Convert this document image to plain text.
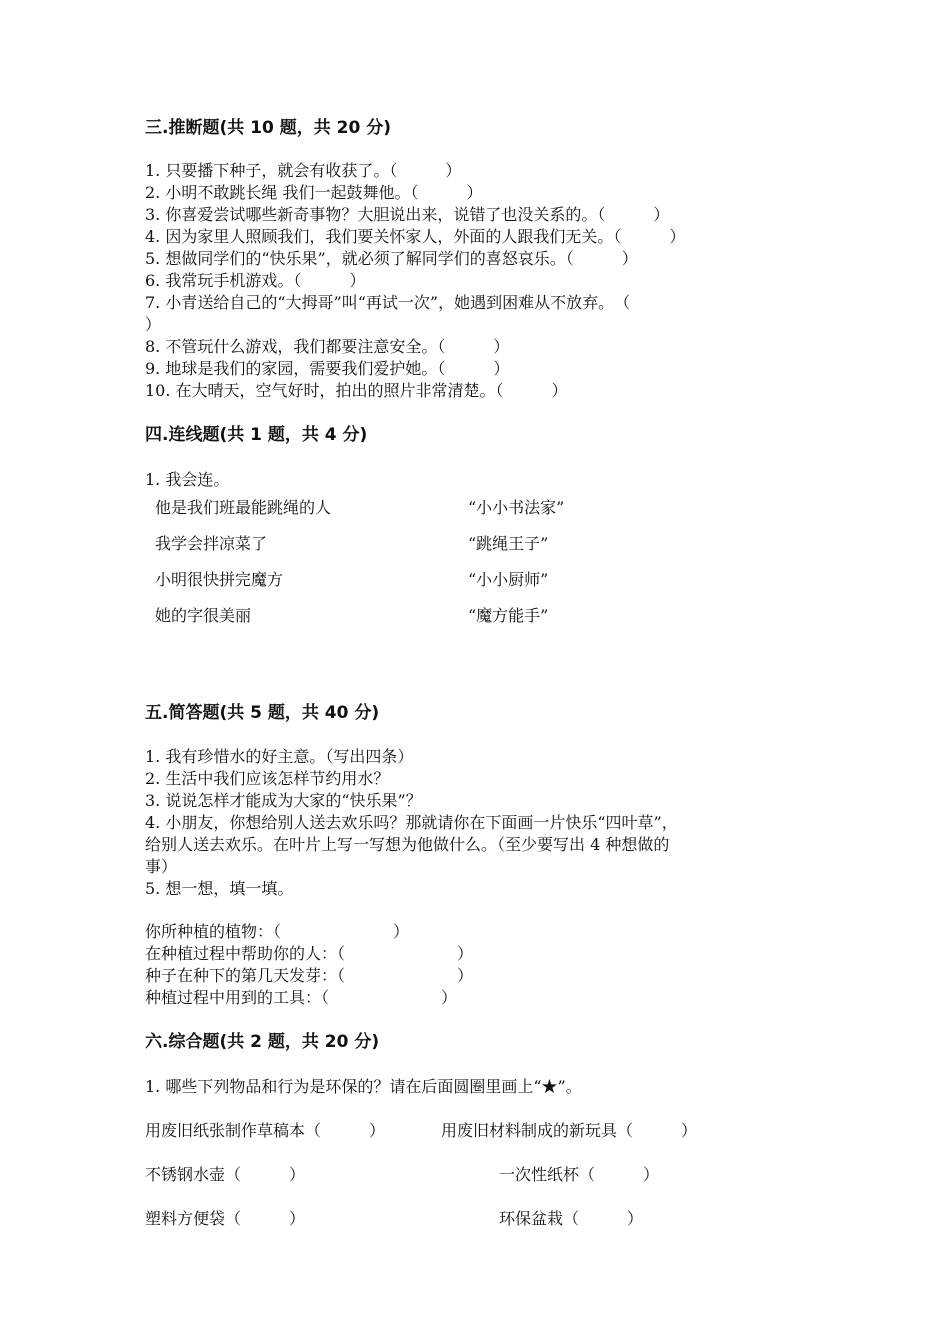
三.推断题(共 10 题，共 20 分)
1. 只要播下种子，就会有收获了。（　　　）
2. 小明不敢跳长绳 我们一起鼓舞他。（　　　）
3. 你喜爱尝试哪些新奇事物？大胆说出来，说错了也没关系的。（　　　）
4. 因为家里人照顾我们，我们要关怀家人，外面的人跟我们无关。（　　　）
5. 想做同学们的“快乐果”，就必须了解同学们的喜怒哀乐。（　　　）
6. 我常玩手机游戏。（　　　）
7. 小青送给自己的“大拇哥”叫“再试一次”，她遇到困难从不放弃。　（
）
8. 不管玩什么游戏，我们都要注意安全。（　　　）
9. 地球是我们的家园，需要我们爱护她。（　　　）
10. 在大晴天，空气好时，拍出的照片非常清楚。（　　　）
四.连线题(共 1 题，共 4 分)
1. 我会连。
他是我们班最能跳绳的人	“小小书法家”
我学会拌凉菜了	“跳绳王子”
小明很快拼完魔方	“小小厨师”
她的字很美丽	“魔方能手”
五.简答题(共 5 题，共 40 分)
1. 我有珍惜水的好主意。（写出四条）
2. 生活中我们应该怎样节约用水？
3. 说说怎样才能成为大家的“快乐果”？
4. 小朋友，你想给别人送去欢乐吗？那就请你在下面画一片快乐“四叶草”，
给别人送去欢乐。在叶片上写一写想为他做什么。（至少要写出 4 种想做的
事）
5. 想一想，填一填。
你所种植的植物：（　　　　　　　）
在种植过程中帮助你的人：（　　　　　　　）
种子在种下的第几天发芽：（　　　　　　　）
种植过程中用到的工具：（　　　　　　　）
六.综合题(共 2 题，共 20 分)
1. 哪些下列物品和行为是环保的？请在后面圆圈里画上“★”。
用废旧纸张制作草稿本（　　　）	用废旧材料制成的新玩具（　　　）
不锈钢水壶（　　　）	一次性纸杯（　　　）
塑料方便袋（　　　）	环保盆栽（　　　）
